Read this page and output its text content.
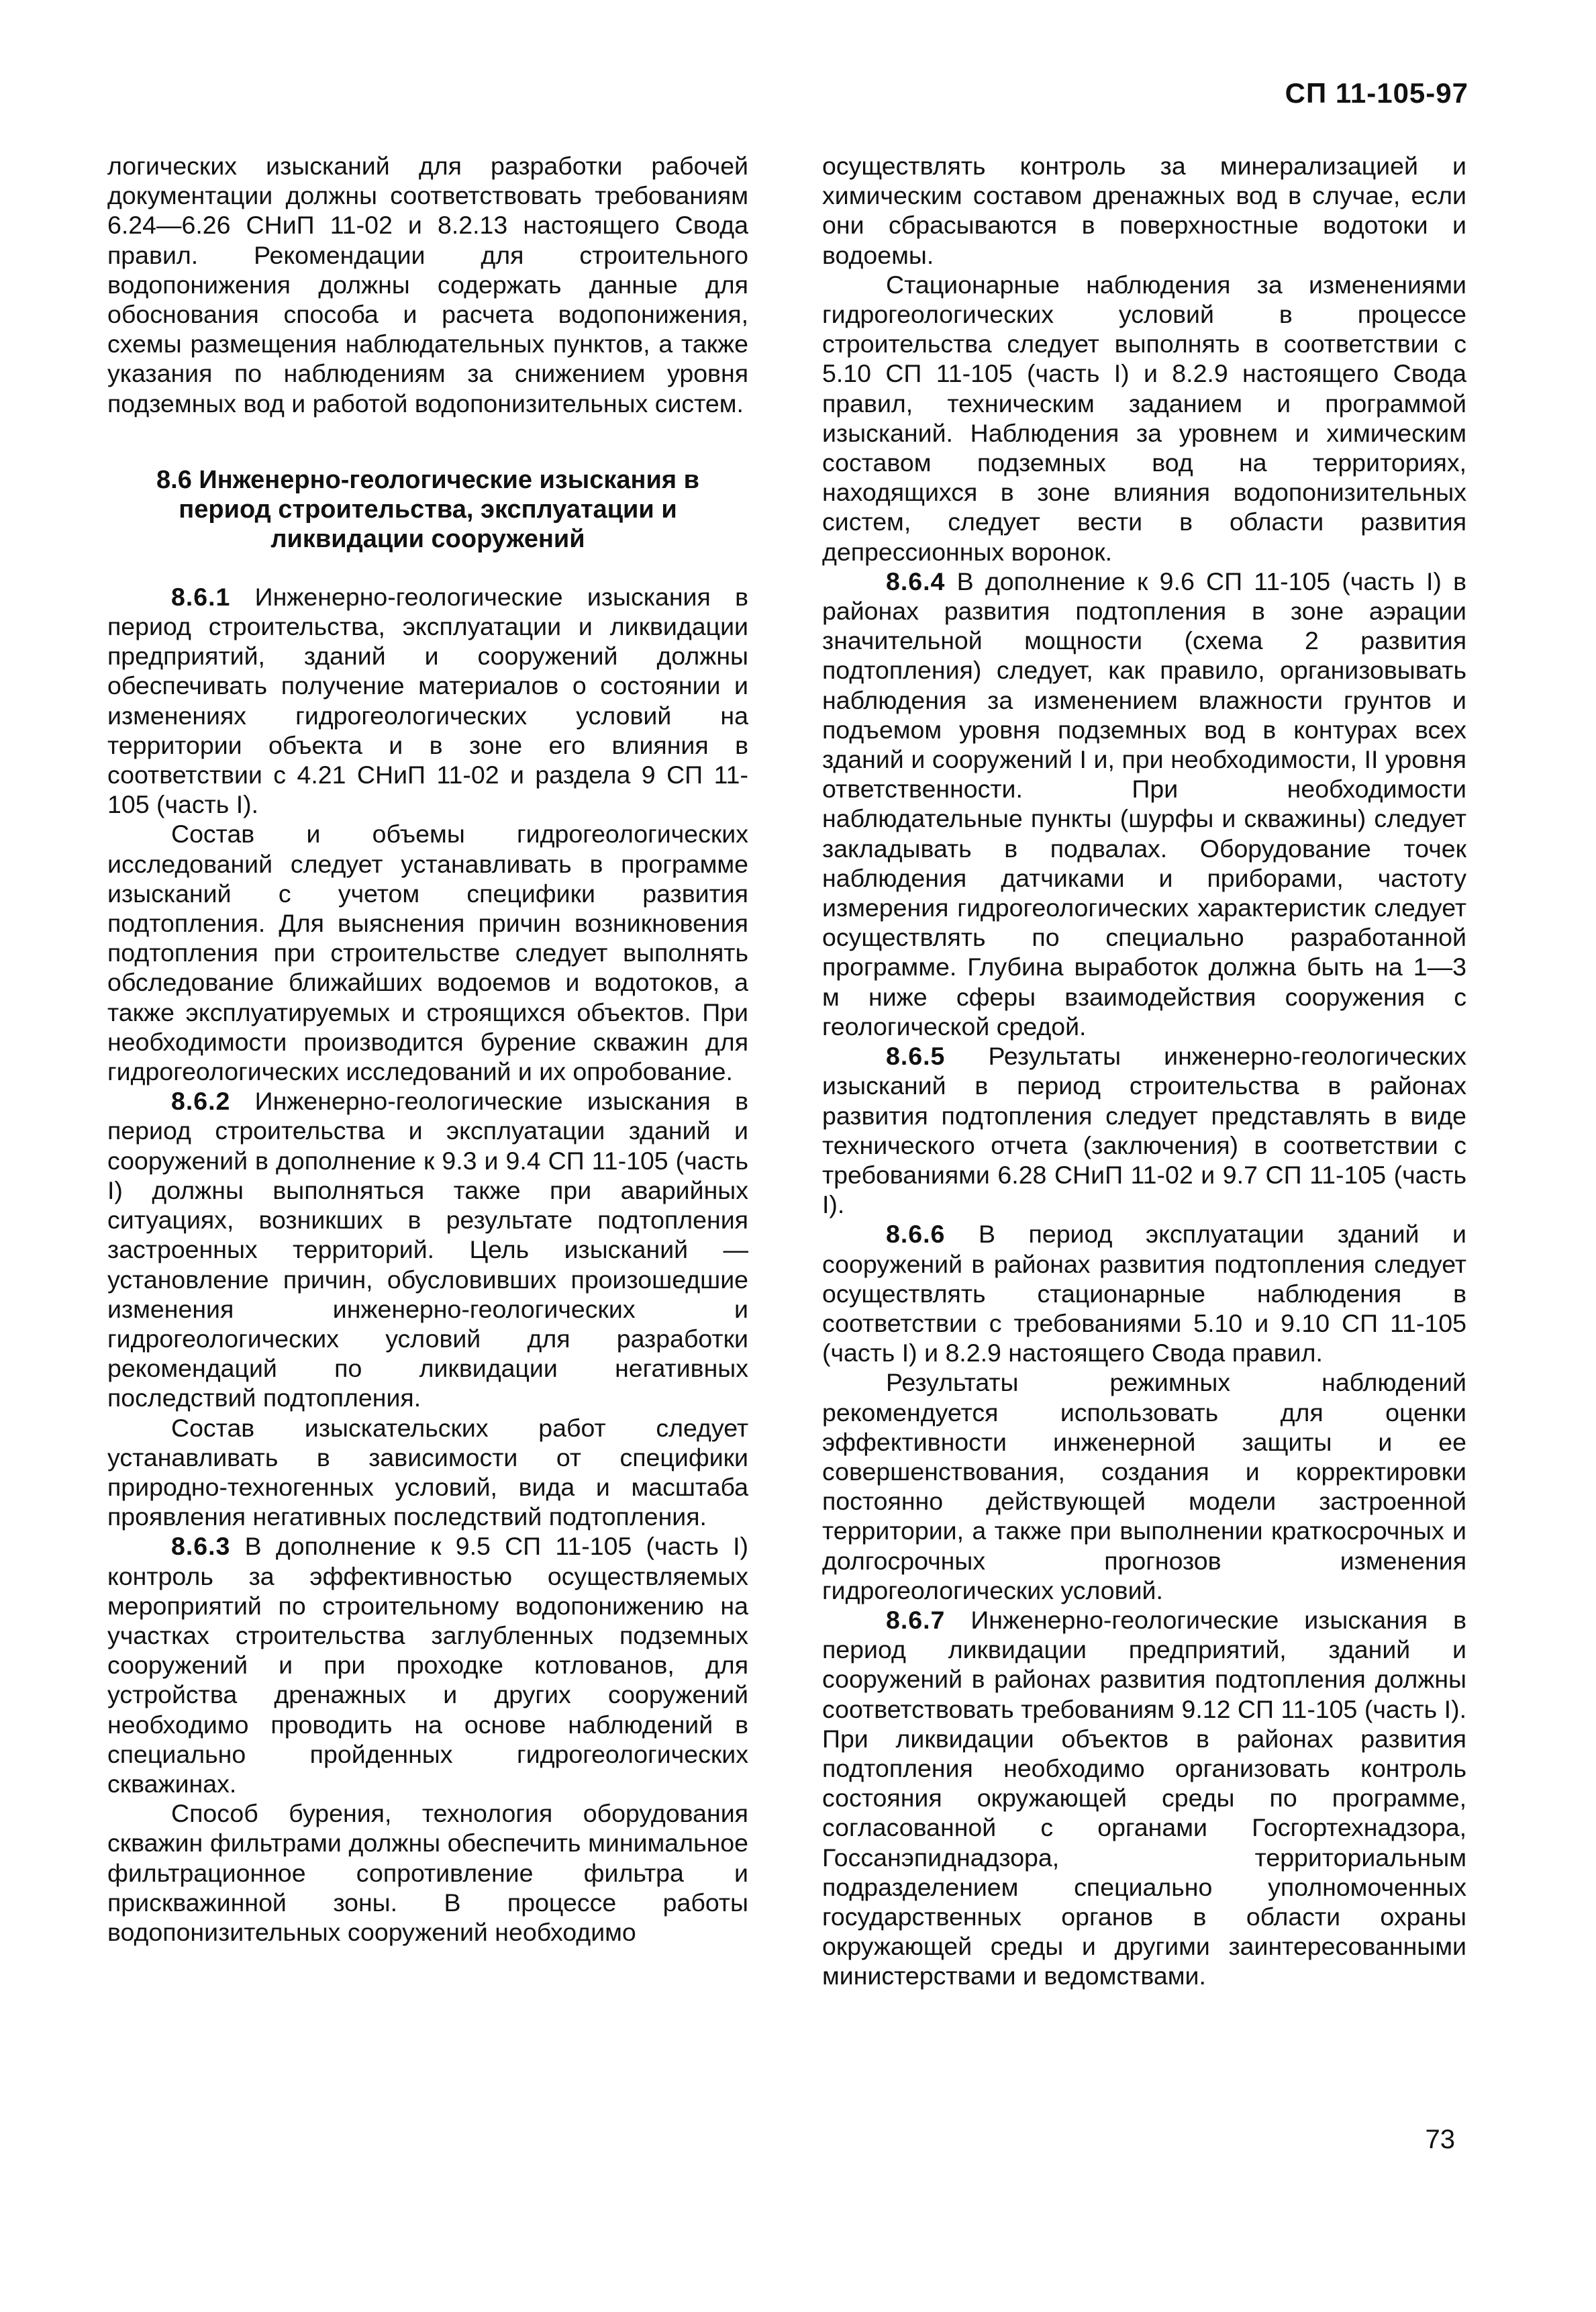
СП 11-105-97

логических изысканий для разработки рабочей документации должны соответствовать требованиям 6.24—6.26 СНиП 11-02 и 8.2.13 настоящего Свода правил. Рекомендации для строительного водопонижения должны содержать данные для обоснования способа и расчета водопонижения, схемы размещения наблюдательных пунктов, а также указания по наблюдениям за снижением уровня подземных вод и работой водопонизительных систем.

8.6 Инженерно-геологические изыскания в период строительства, эксплуатации и ликвидации сооружений

8.6.1 Инженерно-геологические изыскания в период строительства, эксплуатации и ликвидации предприятий, зданий и сооружений должны обеспечивать получение материалов о состоянии и изменениях гидрогеологических условий на территории объекта и в зоне его влияния в соответствии с 4.21 СНиП 11-02 и раздела 9 СП 11-105 (часть I).

Состав и объемы гидрогеологических исследований следует устанавливать в программе изысканий с учетом специфики развития подтопления. Для выяснения причин возникновения подтопления при строительстве следует выполнять обследование ближайших водоемов и водотоков, а также эксплуатируемых и строящихся объектов. При необходимости производится бурение скважин для гидрогеологических исследований и их опробование.

8.6.2 Инженерно-геологические изыскания в период строительства и эксплуатации зданий и сооружений в дополнение к 9.3 и 9.4 СП 11-105 (часть I) должны выполняться также при аварийных ситуациях, возникших в результате подтопления застроенных территорий. Цель изысканий — установление причин, обусловивших произошедшие изменения инженерно-геологических и гидрогеологических условий для разработки рекомендаций по ликвидации негативных последствий подтопления.

Состав изыскательских работ следует устанавливать в зависимости от специфики природно-техногенных условий, вида и масштаба проявления негативных последствий подтопления.

8.6.3 В дополнение к 9.5 СП 11-105 (часть I) контроль за эффективностью осуществляемых мероприятий по строительному водопонижению на участках строительства заглубленных подземных сооружений и при проходке котлованов, для устройства дренажных и других сооружений необходимо проводить на основе наблюдений в специально пройденных гидрогеологических скважинах.

Способ бурения, технология оборудования скважин фильтрами должны обеспечить минимальное фильтрационное сопротивление фильтра и прискважинной зоны. В процессе работы водопонизительных сооружений необходимо

осуществлять контроль за минерализацией и химическим составом дренажных вод в случае, если они сбрасываются в поверхностные водотоки и водоемы.

Стационарные наблюдения за изменениями гидрогеологических условий в процессе строительства следует выполнять в соответствии с 5.10 СП 11-105 (часть I) и 8.2.9 настоящего Свода правил, техническим заданием и программой изысканий. Наблюдения за уровнем и химическим составом подземных вод на территориях, находящихся в зоне влияния водопонизительных систем, следует вести в области развития депрессионных воронок.

8.6.4 В дополнение к 9.6 СП 11-105 (часть I) в районах развития подтопления в зоне аэрации значительной мощности (схема 2 развития подтопления) следует, как правило, организовывать наблюдения за изменением влажности грунтов и подъемом уровня подземных вод в контурах всех зданий и сооружений I и, при необходимости, II уровня ответственности. При необходимости наблюдательные пункты (шурфы и скважины) следует закладывать в подвалах. Оборудование точек наблюдения датчиками и приборами, частоту измерения гидрогеологических характеристик следует осуществлять по специально разработанной программе. Глубина выработок должна быть на 1—3 м ниже сферы взаимодействия сооружения с геологической средой.

8.6.5 Результаты инженерно-геологических изысканий в период строительства в районах развития подтопления следует представлять в виде технического отчета (заключения) в соответствии с требованиями 6.28 СНиП 11-02 и 9.7 СП 11-105 (часть I).

8.6.6 В период эксплуатации зданий и сооружений в районах развития подтопления следует осуществлять стационарные наблюдения в соответствии с требованиями 5.10 и 9.10 СП 11-105 (часть I) и 8.2.9 настоящего Свода правил.

Результаты режимных наблюдений рекомендуется использовать для оценки эффективности инженерной защиты и ее совершенствования, создания и корректировки постоянно действующей модели застроенной территории, а также при выполнении краткосрочных и долгосрочных прогнозов изменения гидрогеологических условий.

8.6.7 Инженерно-геологические изыскания в период ликвидации предприятий, зданий и сооружений в районах развития подтопления должны соответствовать требованиям 9.12 СП 11-105 (часть I). При ликвидации объектов в районах развития подтопления необходимо организовать контроль состояния окружающей среды по программе, согласованной с органами Госгортехнадзора, Госсанэпиднадзора, территориальным подразделением специально уполномоченных государственных органов в области охраны окружающей среды и другими заинтересованными министерствами и ведомствами.

73
